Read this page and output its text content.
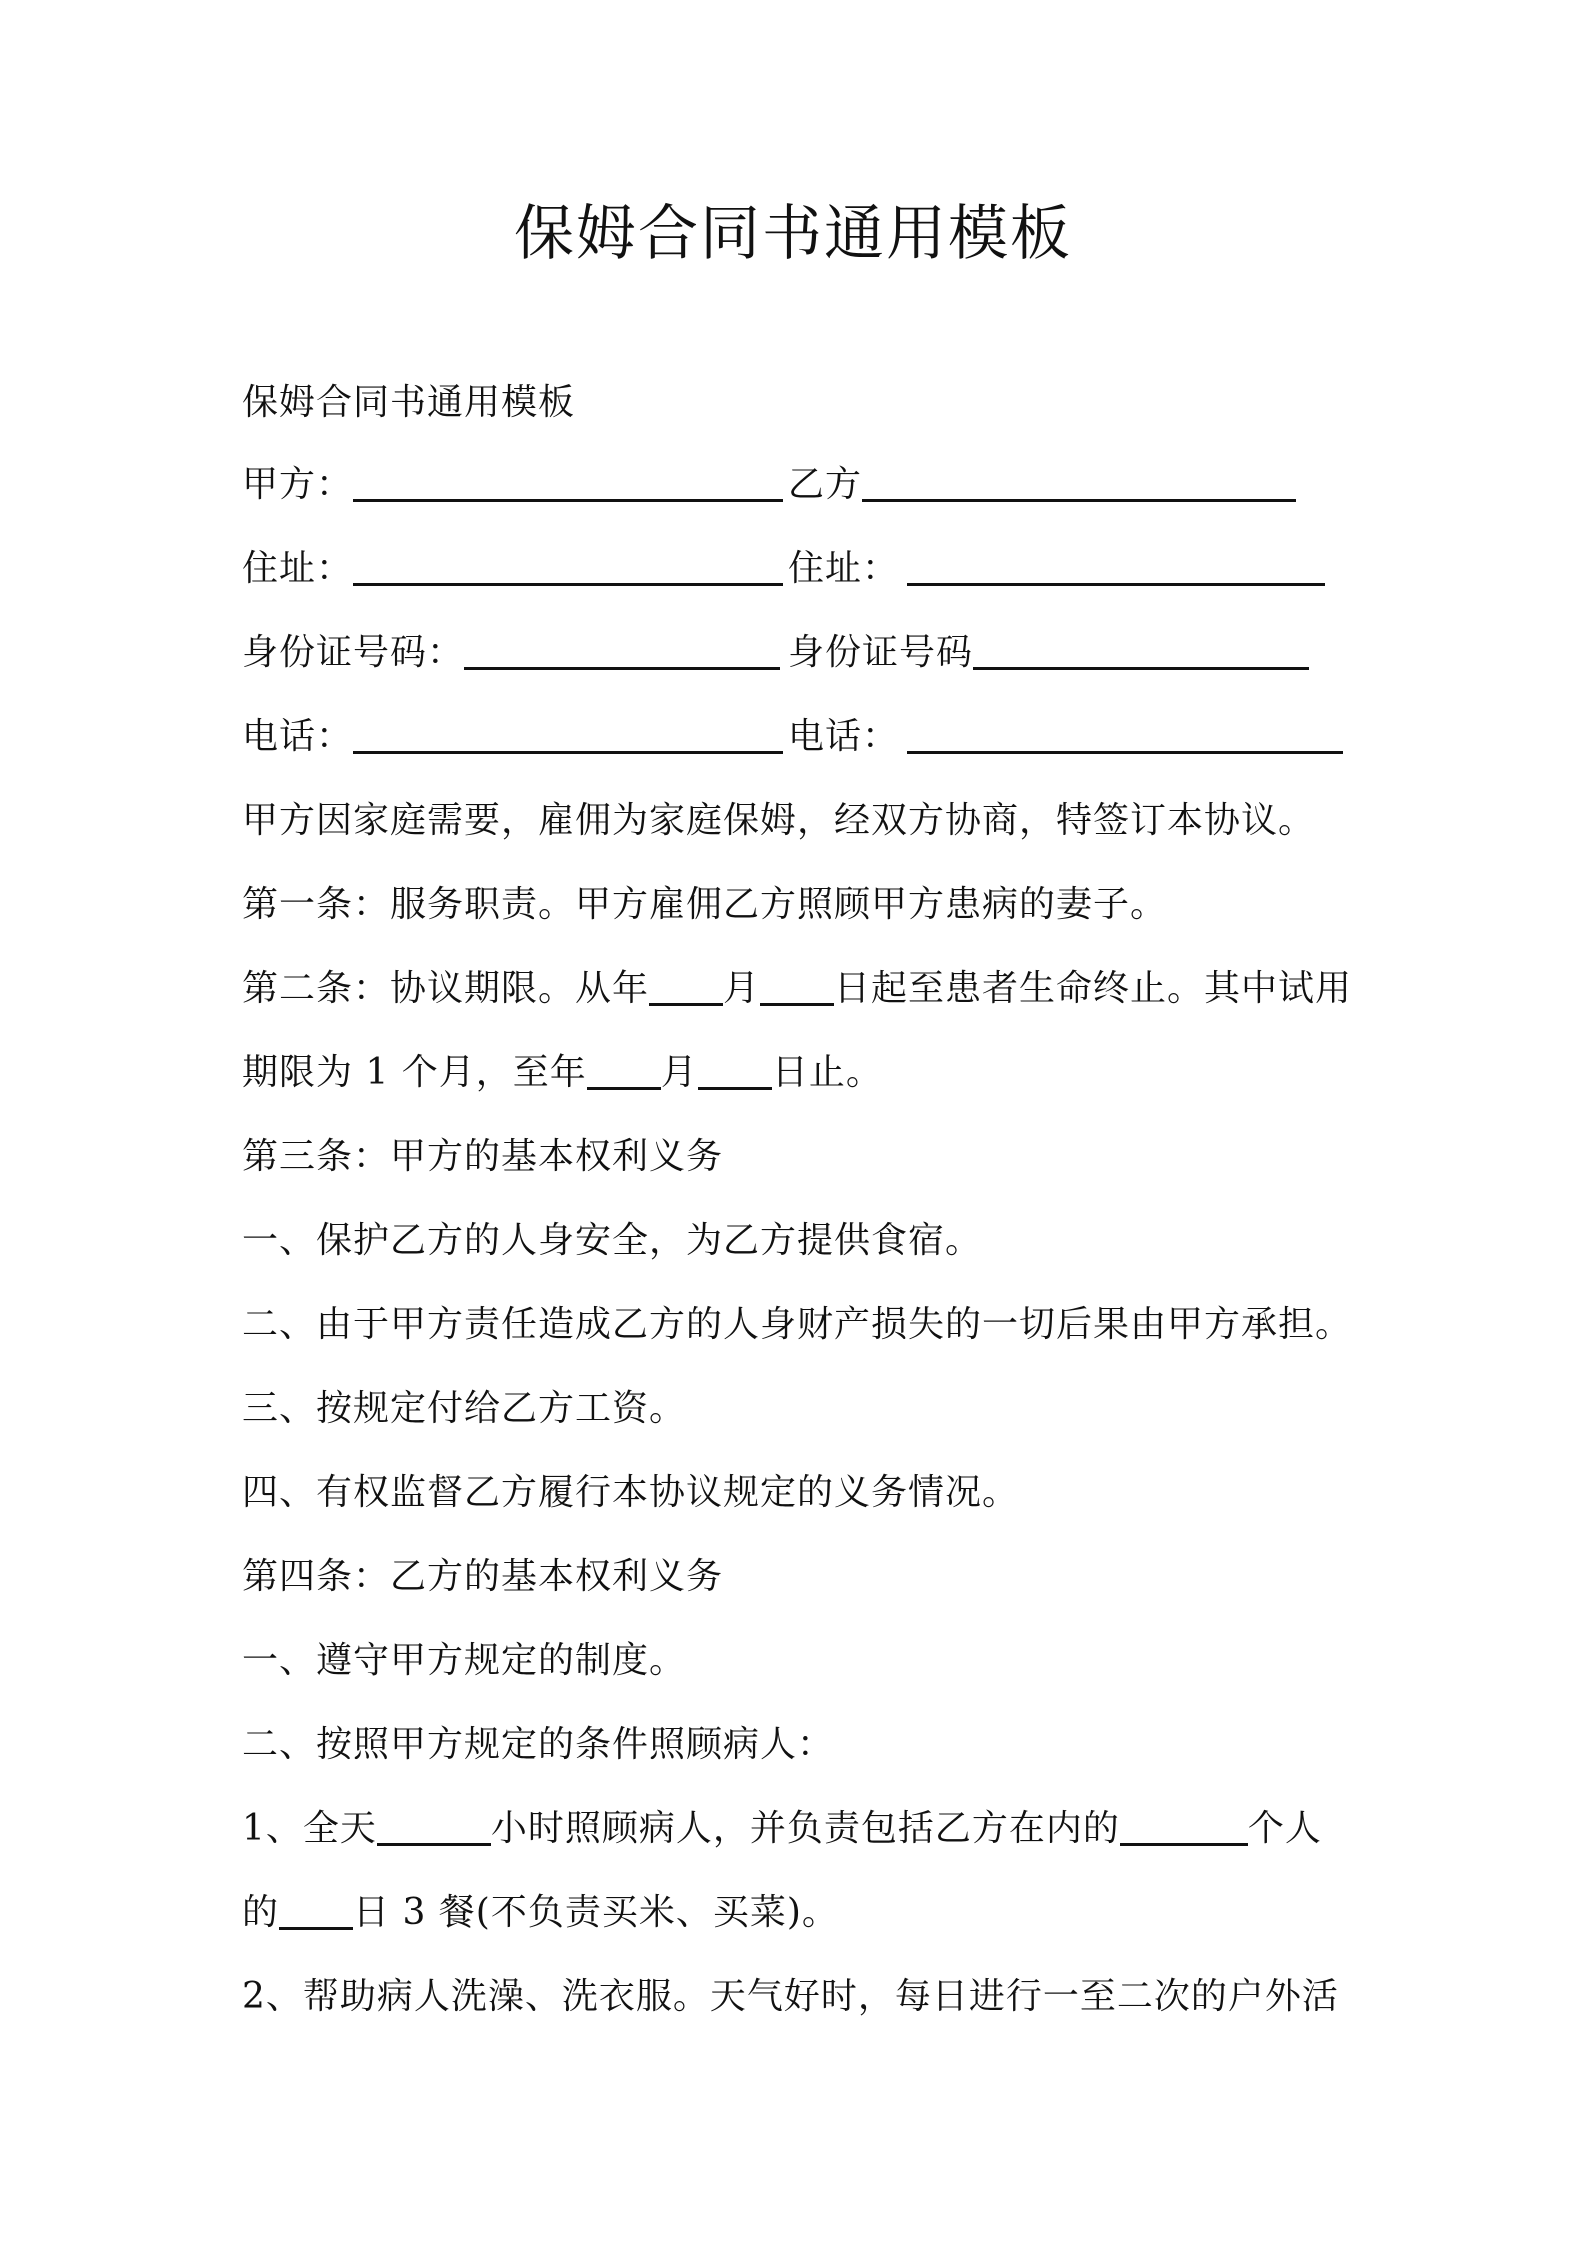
保姆合同书通用模板
保姆合同书通用模板
甲方：	乙方
住址：	住址：
身份证号码：	身份证号码
电话：	电话：
甲方因家庭需要，雇佣为家庭保姆，经双方协商，特签订本协议。
第一条：服务职责。甲方雇佣乙方照顾甲方患病的妻子。
第二条：协议期限。从年 月 日起至患者生命终止。其中试用
期限为 1 个月，至年 月 日止。
第三条：甲方的基本权利义务
一、保护乙方的人身安全，为乙方提供食宿。
二、由于甲方责任造成乙方的人身财产损失的一切后果由甲方承担。
三、按规定付给乙方工资。
四、有权监督乙方履行本协议规定的义务情况。
第四条：乙方的基本权利义务
一、遵守甲方规定的制度。
二、按照甲方规定的条件照顾病人：
1、全天	小时照顾病人，并负责包括乙方在内的	个人
的 日 3 餐(不负责买米、买菜)。
2、帮助病人洗澡、洗衣服。天气好时，每日进行一至二次的户外活
